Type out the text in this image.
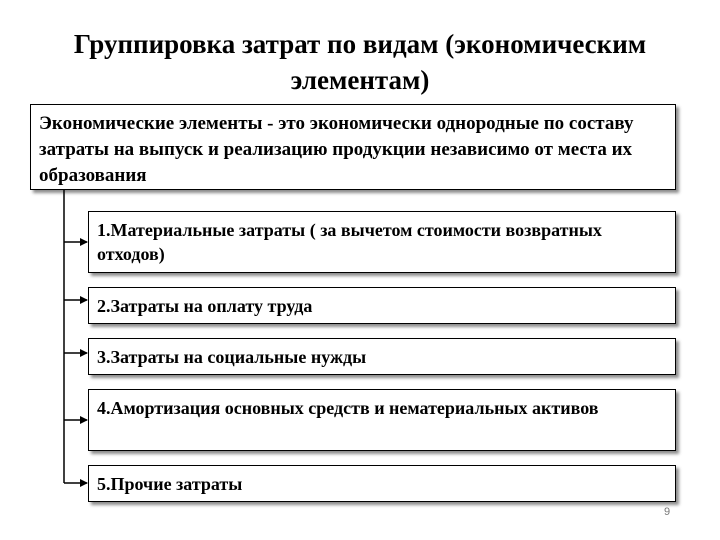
Группировка затрат по видам (экономическим элементам)
Экономические элементы - это экономически однородные по составу затраты на выпуск и реализацию продукции независимо от места их образования
1.Материальные затраты ( за вычетом стоимости возвратных отходов)
2.Затраты на оплату труда
3.Затраты на социальные нужды
4.Амортизация основных средств и нематериальных активов
5.Прочие затраты
9
